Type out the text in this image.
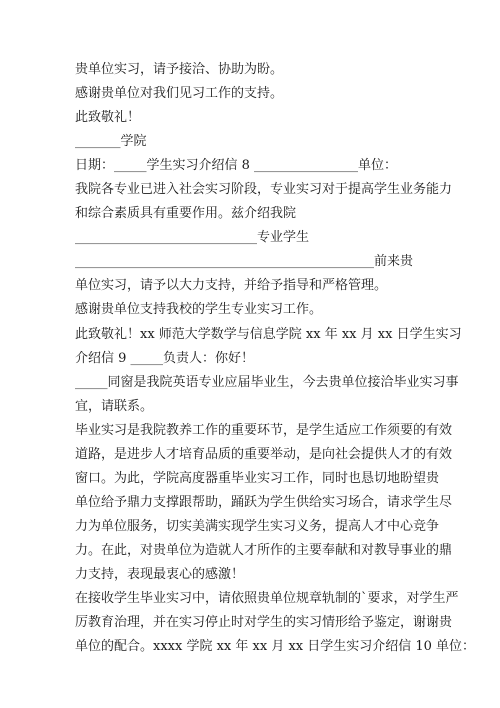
贵单位实习，请予接洽、协助为盼。
感谢贵单位对我们见习工作的支持。
此致敬礼！
_______学院
日期：_____学生实习介绍信 8 ________________单位：
我院各专业已进入社会实习阶段，专业实习对于提高学生业务能力
和综合素质具有重要作用。兹介绍我院
____________________________专业学生
______________________________________________前来贵
单位实习，请予以大力支持，并给予指导和严格管理。
感谢贵单位支持我校的学生专业实习工作。
此致敬礼！xx 师范大学数学与信息学院 xx 年 xx 月 xx 日学生实习
介绍信 9 _____负责人：你好！
_____同窗是我院英语专业应届毕业生，今去贵单位接洽毕业实习事
宜，请联系。
毕业实习是我院教养工作的重要环节，是学生适应工作须要的有效
道路，是进步人才培育品质的重要举动，是向社会提供人才的有效
窗口。为此，学院高度器重毕业实习工作，同时也恳切地盼望贵
单位给予鼎力支撑跟帮助，踊跃为学生供给实习场合，请求学生尽
力为单位服务，切实美满实现学生实习义务，提高人才中心竞争
力。在此，对贵单位为造就人才所作的主要奉献和对教导事业的鼎
力支持，表现最衷心的感激！
在接收学生毕业实习中，请依照贵单位规章轨制的`要求，对学生严
厉教育治理，并在实习停止时对学生的实习情形给予鉴定，谢谢贵
单位的配合。xxxx 学院 xx 年 xx 月 xx 日学生实习介绍信 10 单位：
